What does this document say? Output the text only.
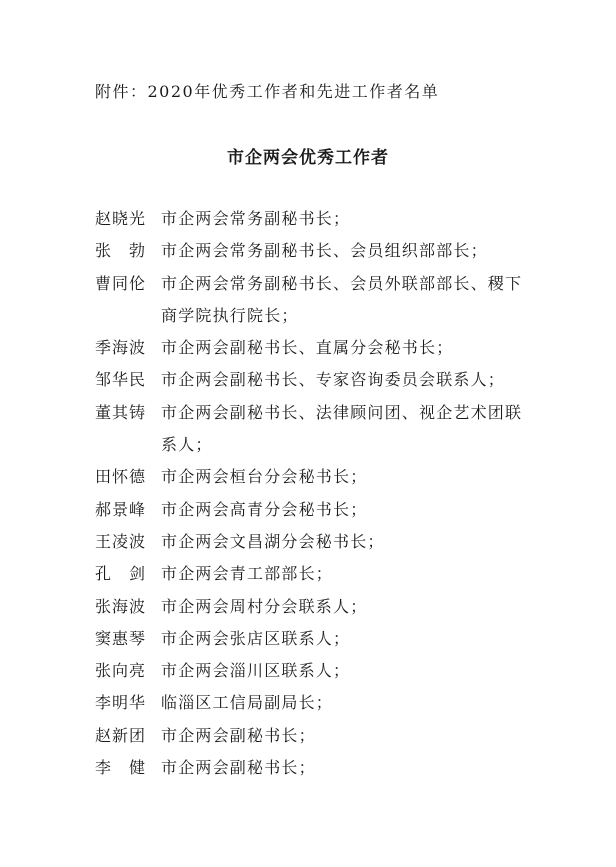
附件：2020年优秀工作者和先进工作者名单
市企两会优秀工作者
赵晓光 市企两会常务副秘书长；
张　勃 市企两会常务副秘书长、会员组织部部长；
曹同伦 市企两会常务副秘书长、会员外联部部长、稷下商学院执行院长；
季海波 市企两会副秘书长、直属分会秘书长；
邹华民 市企两会副秘书长、专家咨询委员会联系人；
董其铸 市企两会副秘书长、法律顾问团、视企艺术团联系人；
田怀德 市企两会桓台分会秘书长；
郝景峰 市企两会高青分会秘书长；
王凌波 市企两会文昌湖分会秘书长；
孔　剑 市企两会青工部部长；
张海波 市企两会周村分会联系人；
窦惠琴 市企两会张店区联系人；
张向亮 市企两会淄川区联系人；
李明华 临淄区工信局副局长；
赵新团 市企两会副秘书长；
李　健 市企两会副秘书长；
